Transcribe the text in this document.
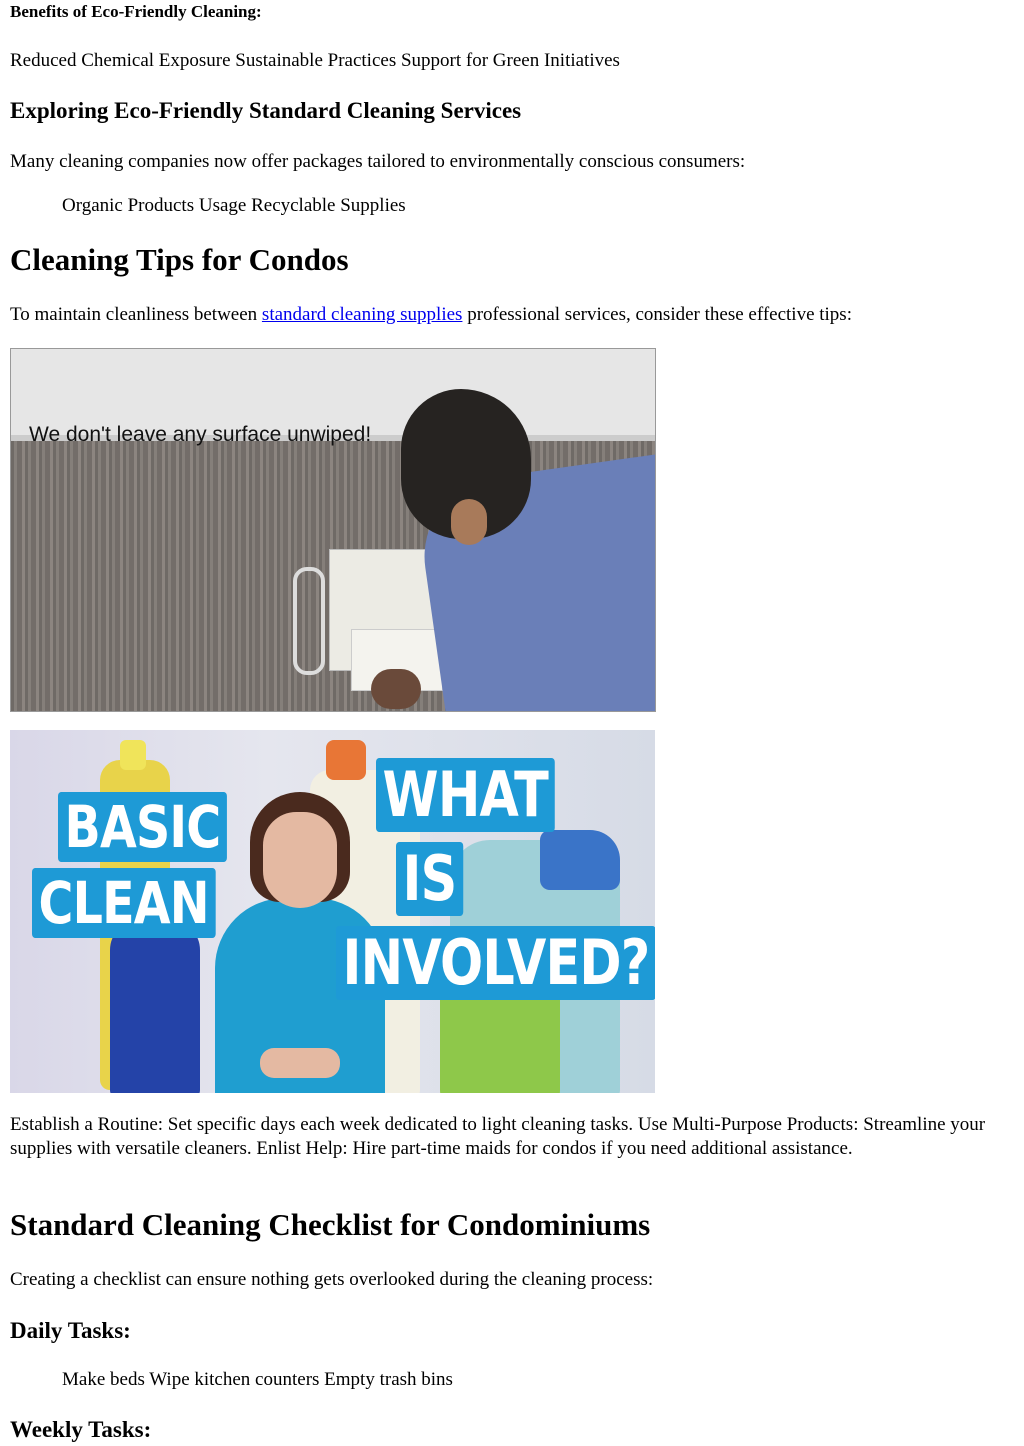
Benefits of Eco-Friendly Cleaning:

Reduced Chemical Exposure Sustainable Practices Support for Green Initiatives

Exploring Eco-Friendly Standard Cleaning Services

Many cleaning companies now offer packages tailored to environmentally conscious consumers:

Organic Products Usage Recyclable Supplies

Cleaning Tips for Condos

To maintain cleanliness between standard cleaning supplies professional services, consider these effective tips:

We don't leave any surface unwiped!
BASIC
CLEAN
WHAT
IS
INVOLVED?

Establish a Routine: Set specific days each week dedicated to light cleaning tasks. Use Multi-Purpose Products: Streamline your supplies with versatile cleaners. Enlist Help: Hire part-time maids for condos if you need additional assistance.

Standard Cleaning Checklist for Condominiums

Creating a checklist can ensure nothing gets overlooked during the cleaning process:

Daily Tasks:

Make beds Wipe kitchen counters Empty trash bins

Weekly Tasks:
